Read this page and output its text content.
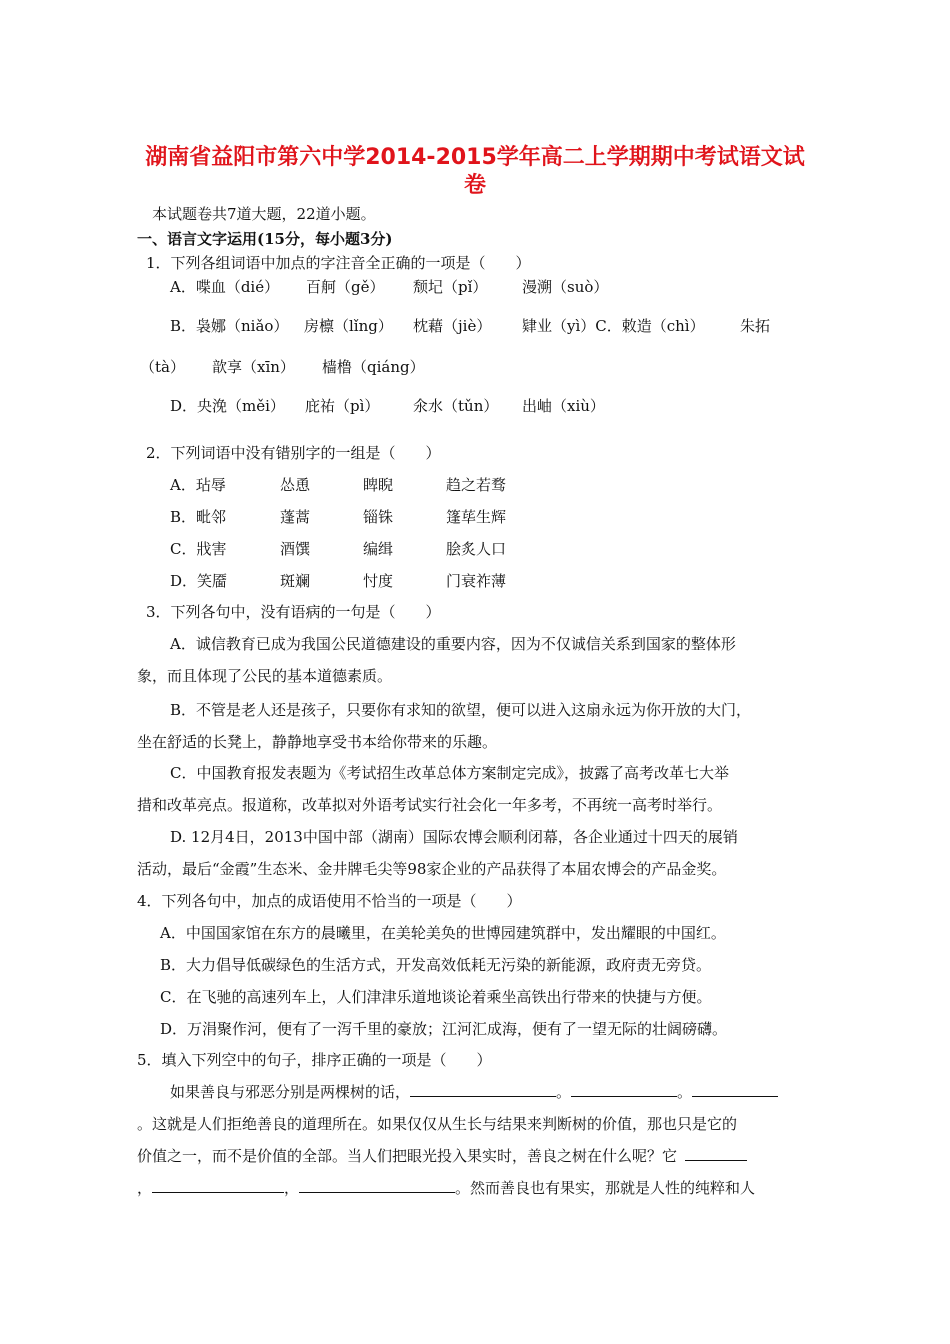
湖南省益阳市第六中学2014-2015学年高二上学期期中考试语文试
卷
本试题卷共7道大题，22道小题。
一、语言文字运用(15分，每小题3分)
1．下列各组词语中加点的字注音全正确的一项是（　　）
A．喋血（dié） 百舸（gě） 颓圮（pǐ） 漫溯（suò）
B．袅娜（niǎo） 房檩（lǐng） 枕藉（jiè） 肄业（yì）C．敕造（chì） 朱拓
（tà） 歆享（xīn） 樯橹（qiáng）
D．央浼（měi） 庇祐（pì） 氽水（tǔn） 出岫（xiù）
2．下列词语中没有错别字的一组是（　　）
A．玷辱	怂恿	睥睨	趋之若骛
B．毗邻	蓬蒿	锱铢	篷荜生辉
C．戕害	酒馔	编缉	脍炙人口
D．笑靥	斑斓	忖度	门衰祚薄
3．下列各句中，没有语病的一句是（　　）
A．诚信教育已成为我国公民道德建设的重要内容，因为不仅诚信关系到国家的整体形
象，而且体现了公民的基本道德素质。
B．不管是老人还是孩子，只要你有求知的欲望，便可以进入这扇永远为你开放的大门，
坐在舒适的长凳上，静静地享受书本给你带来的乐趣。
C．中国教育报发表题为《考试招生改革总体方案制定完成》，披露了高考改革七大举
措和改革亮点。报道称，改革拟对外语考试实行社会化一年多考，不再统一高考时举行。
D. 12月4日，2013中国中部（湖南）国际农博会顺利闭幕，各企业通过十四天的展销
活动，最后“金霞”生态米、金井牌毛尖等98家企业的产品获得了本届农博会的产品金奖。
4．下列各句中，加点的成语使用不恰当的一项是（　　）
A．中国国家馆在东方的晨曦里，在美轮美奂的世博园建筑群中，发出耀眼的中国红。
B．大力倡导低碳绿色的生活方式，开发高效低耗无污染的新能源，政府责无旁贷。
C．在飞驰的高速列车上，人们津津乐道地谈论着乘坐高铁出行带来的快捷与方便。
D．万涓聚作河，便有了一泻千里的豪放；江河汇成海，便有了一望无际的壮阔磅礴。
5．填入下列空中的句子，排序正确的一项是（　　）
如果善良与邪恶分别是两棵树的话，	。	。
。这就是人们拒绝善良的道理所在。如果仅仅从生长与结果来判断树的价值，那也只是它的
价值之一，而不是价值的全部。当人们把眼光投入果实时，善良之树在什么呢？它
，	，	。然而善良也有果实，那就是人性的纯粹和人
